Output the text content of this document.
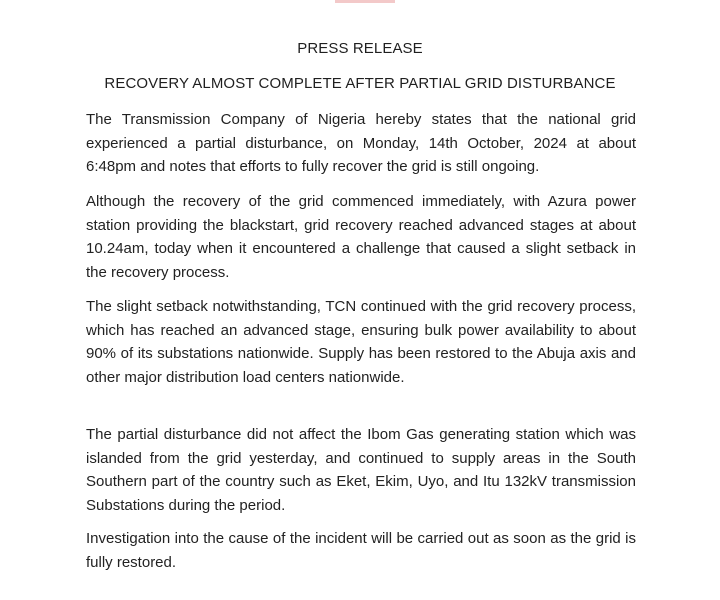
PRESS RELEASE
RECOVERY ALMOST COMPLETE AFTER PARTIAL GRID DISTURBANCE

The Transmission Company of Nigeria hereby states that the national grid experienced a partial disturbance, on Monday, 14th October, 2024 at about 6:48pm and notes that efforts to fully recover the grid is still ongoing.

Although the recovery of the grid commenced immediately, with Azura power station providing the blackstart, grid recovery reached advanced stages at about 10.24am, today when it encountered a challenge that caused a slight setback in the recovery process.

The slight setback notwithstanding, TCN continued with the grid recovery process, which has reached an advanced stage, ensuring bulk power availability to about 90% of its substations nationwide. Supply has been restored to the Abuja axis and other major distribution load centers nationwide.

The partial disturbance did not affect the Ibom Gas generating station which was islanded from the grid yesterday, and continued to supply areas in the South Southern part of the country such as Eket, Ekim, Uyo, and Itu 132kV transmission Substations during the period.

Investigation into the cause of the incident will be carried out as soon as the grid is fully restored.
